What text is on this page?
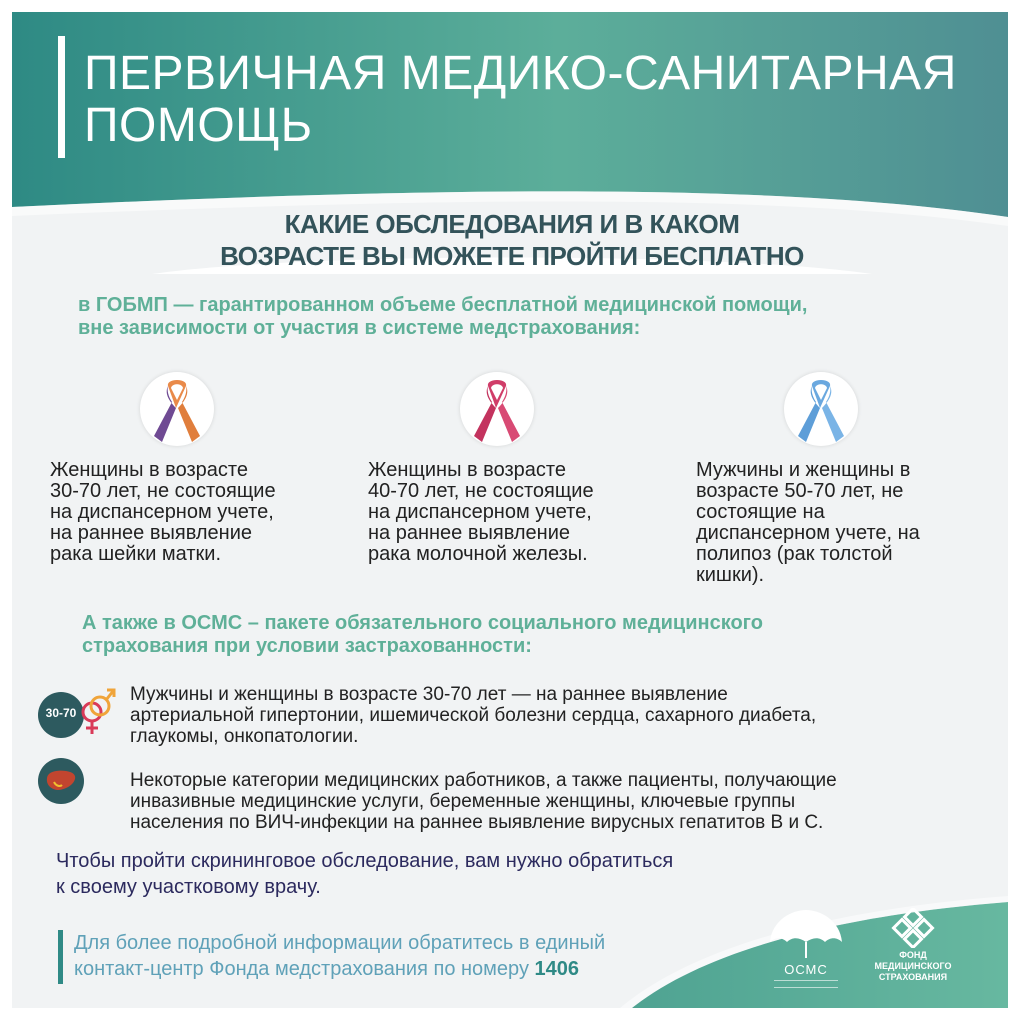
ПЕРВИЧНАЯ МЕДИКО-САНИТАРНАЯ
ПОМОЩЬ
КАКИЕ ОБСЛЕДОВАНИЯ И В КАКОМ
ВОЗРАСТЕ ВЫ МОЖЕТЕ ПРОЙТИ БЕСПЛАТНО
в ГОБМП — гарантированном объеме бесплатной медицинской помощи,
вне зависимости от участия в системе медстрахования:
Женщины в возрасте
30-70 лет, не состоящие
на диспансерном учете,
на раннее выявление
рака шейки матки.
Женщины в возрасте
40-70 лет, не состоящие
на диспансерном учете,
на раннее выявление
рака молочной железы.
Мужчины и женщины в
возрасте 50-70 лет, не
состоящие на
диспансерном учете, на
полипоз (рак толстой
кишки).
А также в ОСМС – пакете обязательного социального медицинского
страхования при условии застрахованности:
30-70
Мужчины и женщины в возрасте 30-70 лет — на раннее выявление
артериальной гипертонии, ишемической болезни сердца, сахарного диабета,
глаукомы, онкопатологии.
Некоторые категории медицинских работников, а также пациенты, получающие
инвазивные медицинские услуги, беременные женщины, ключевые группы
населения по ВИЧ-инфекции на раннее выявление вирусных гепатитов В и С.
Чтобы пройти скрининговое обследование, вам нужно обратиться
к своему участковому врачу.
Для более подробной информации обратитесь в единый
контакт-центр Фонда медстрахования по номеру 1406	ОСМС
ФОНД
МЕДИЦИНСКОГО
СТРАХОВАНИЯ
